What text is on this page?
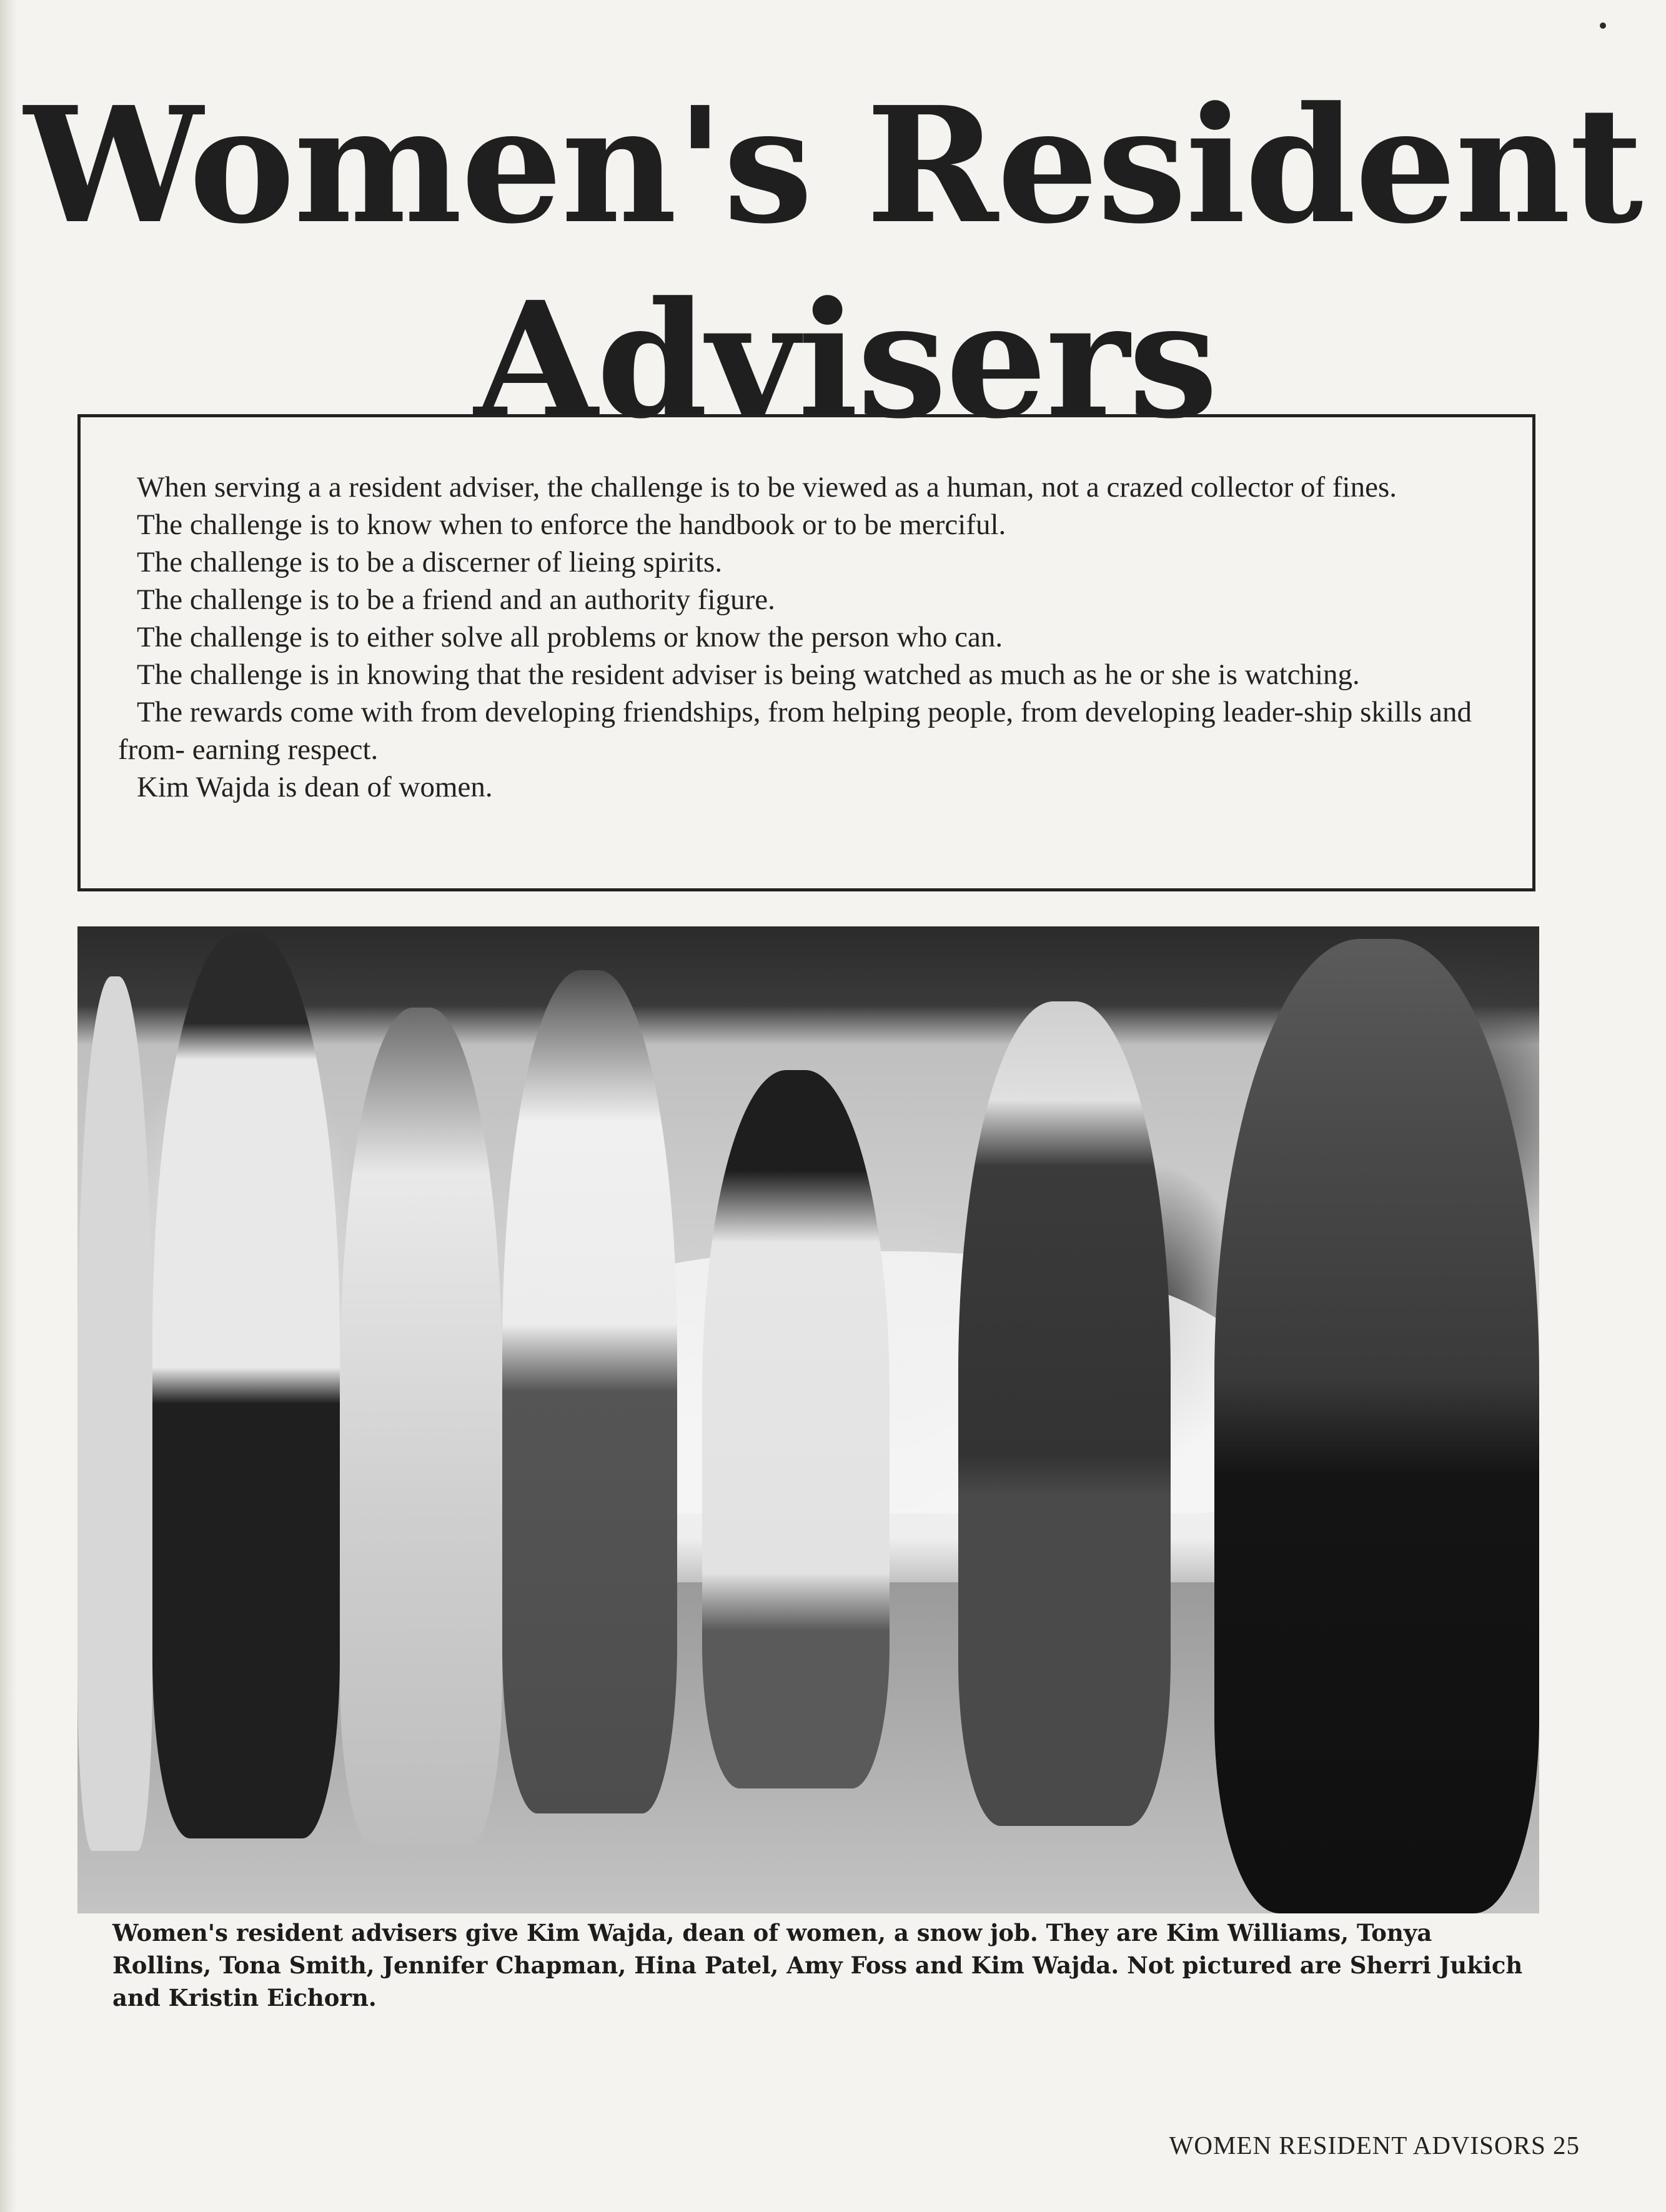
Women's Resident
Advisers

When serving a a resident adviser, the challenge is to be viewed as a human, not a crazed collector of fines.

The challenge is to know when to enforce the handbook or to be merciful.

The challenge is to be a discerner of lieing spirits.

The challenge is to be a friend and an authority figure.

The challenge is to either solve all problems or know the person who can.

The challenge is in knowing that the resident adviser is being watched as much as he or she is watching.

The rewards come with from developing friendships, from helping people, from developing leader-ship skills and from- earning respect.

Kim Wajda is dean of women.

Women's resident advisers give Kim Wajda, dean of women, a snow job. They are Kim Williams, Tonya Rollins, Tona Smith, Jennifer Chapman, Hina Patel, Amy Foss and Kim Wajda. Not pictured are Sherri Jukich and Kristin Eichorn.

WOMEN RESIDENT ADVISORS 25
